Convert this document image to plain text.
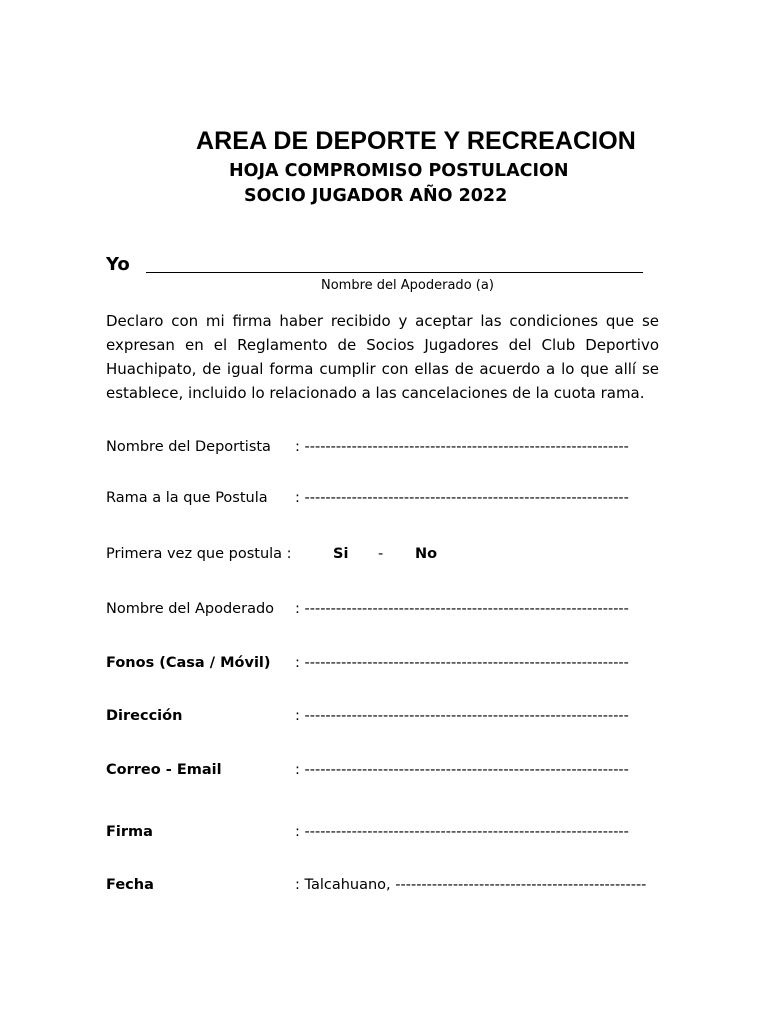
AREA DE DEPORTE Y RECREACION
HOJA COMPROMISO POSTULACION
SOCIO JUGADOR AÑO 2022
Yo
Nombre del Apoderado (a)
Declaro con mi firma haber recibido y aceptar las condiciones que se expresan en el Reglamento de Socios Jugadores del Club Deportivo Huachipato, de igual forma cumplir con ellas de acuerdo a lo que allí se establece, incluido lo relacionado a las cancelaciones de la cuota rama.
Nombre del Deportista : --------------------------------------------------------------
Rama a la que Postula : --------------------------------------------------------------
Primera vez que postula :	Si - No
Nombre del Apoderado : --------------------------------------------------------------
Fonos (Casa / Móvil) : --------------------------------------------------------------
Dirección	: --------------------------------------------------------------
Correo - Email	: --------------------------------------------------------------
Firma	: --------------------------------------------------------------
Fecha	: Talcahuano, ------------------------------------------------
